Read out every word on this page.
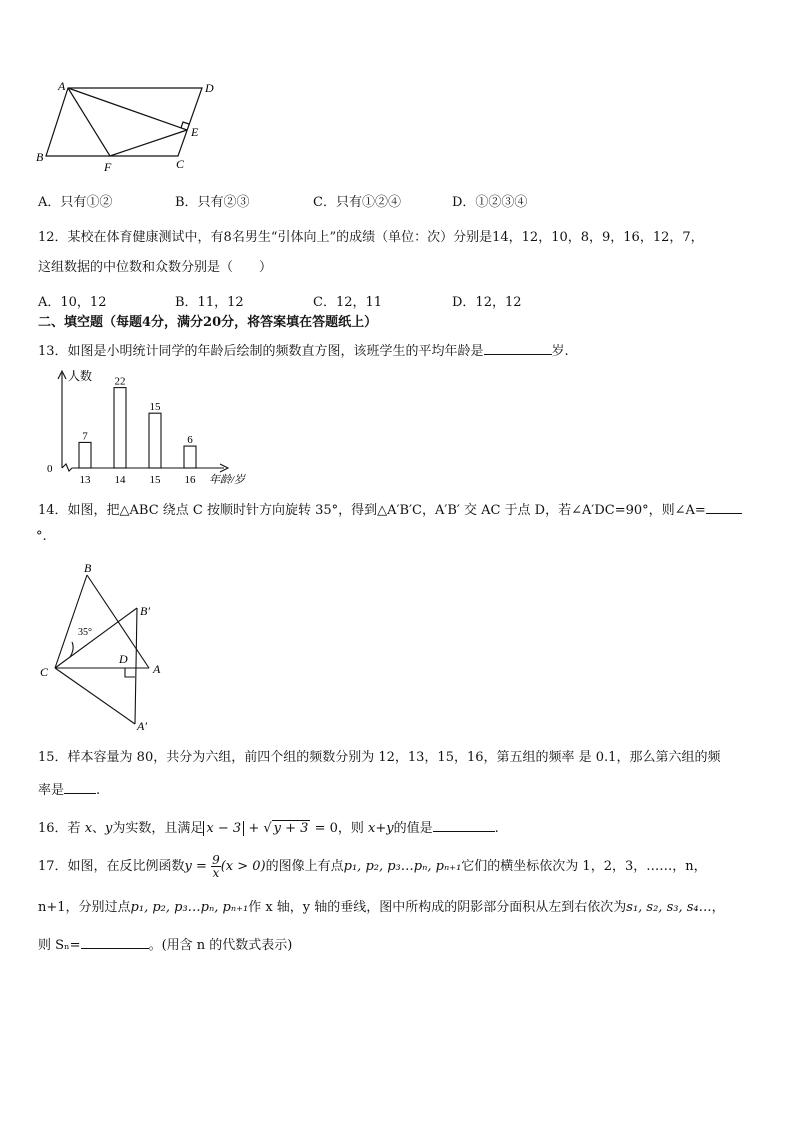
A	D
B
F	C
E
A．只有①②	B．只有②③	C．只有①②④	D．①②③④
12．某校在体育健康测试中，有8名男生“引体向上”的成绩（单位：次）分别是14，12，10，8，9，16，12，7，
这组数据的中位数和众数分别是（　　）
A．10，12	B．11，12	C．12，11	D．12，12
二、填空题（每题4分，满分20分，将答案填在答题纸上）
13．如图是小明统计同学的年龄后绘制的频数直方图，该班学生的平均年龄是	岁.
人数
0
年龄/岁
7
13
22
14
15
15
6
16
14．如图，把△ABC 绕点 C 按顺时针方向旋转 35°，得到△A′B′C，A′B′ 交 AC 于点 D，若∠A′DC=90°，则∠A=
°.
B
B′
35°
D
C	A
A′
15．样本容量为 80，共分为六组，前四个组的频数分别为 12，13，15，16，第五组的频率 是 0.1，那么第六组的频
率是 .
16．若 x、y为实数，且满足 x − 3 + √ y + 3 = 0，则 x+y的值是	.
17．如图，在反比例函数$y = \frac{9}{x} (x > 0)$的图像上有点p₁, p₂, p₃…pₙ, pₙ₊₁它们的横坐标依次为 1，2，3，……，n，
n+1，分别过点p₁, p₂, p₃…pₙ, pₙ₊₁作 x 轴，y 轴的垂线，图中所构成的阴影部分面积从左到右依次为s₁, s₂, s₃, s₄…，
则 Sₙ=	。(用含 n 的代数式表示)
